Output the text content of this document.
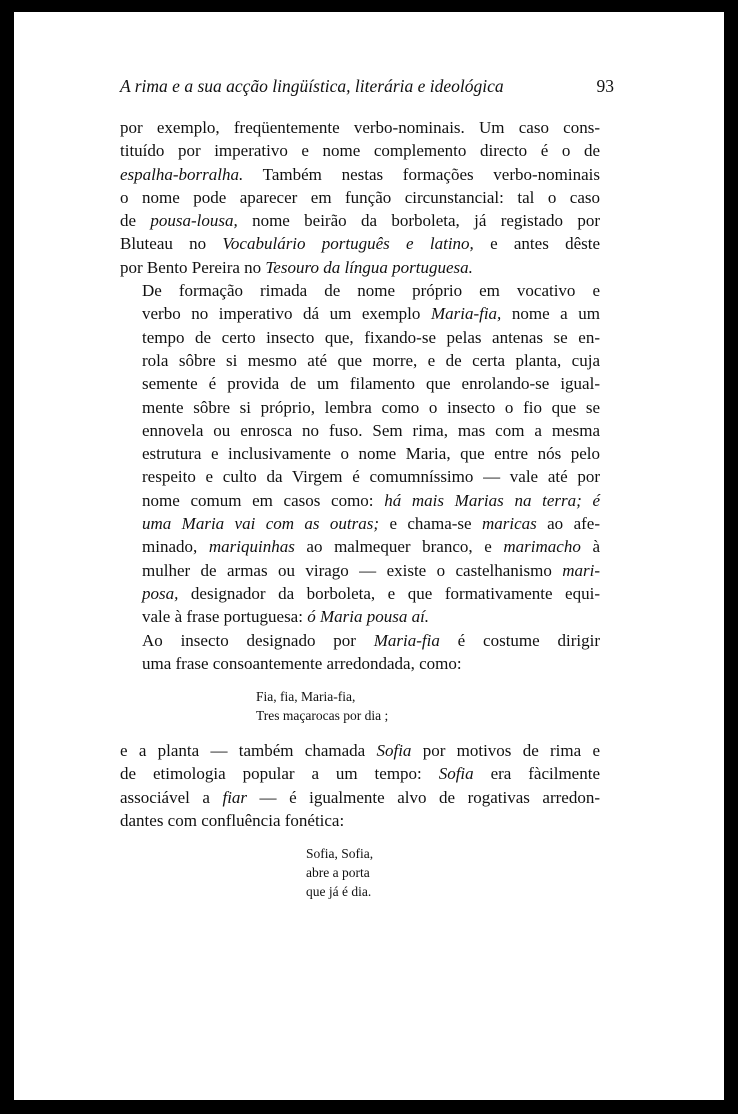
A rima e a sua acção lingüística, literária e ideológica	93

por exemplo, freqüentemente verbo-nominais. Um caso cons-
tituído por imperativo e nome complemento directo é o de
espalha-borralha. Também nestas formações verbo-nominais
o nome pode aparecer em função circunstancial: tal o caso
de pousa-lousa, nome beirão da borboleta, já registado por
Bluteau no Vocabulário português e latino, e antes dêste
por Bento Pereira no Tesouro da língua portuguesa.

De formação rimada de nome próprio em vocativo e
verbo no imperativo dá um exemplo Maria-fia, nome a um
tempo de certo insecto que, fixando-se pelas antenas se en-
rola sôbre si mesmo até que morre, e de certa planta, cuja
semente é provida de um filamento que enrolando-se igual-
mente sôbre si próprio, lembra como o insecto o fio que se
ennovela ou enrosca no fuso. Sem rima, mas com a mesma
estrutura e inclusivamente o nome Maria, que entre nós pelo
respeito e culto da Virgem é comumníssimo — vale até por
nome comum em casos como: há mais Marias na terra; é
uma Maria vai com as outras; e chama-se maricas ao afe-
minado, mariquinhas ao malmequer branco, e marimacho à
mulher de armas ou virago — existe o castelhanismo mari-
posa, designador da borboleta, e que formativamente equi-
vale à frase portuguesa: ó Maria pousa aí.

Ao insecto designado por Maria-fia é costume dirigir
uma frase consoantemente arredondada, como:

Fia, fia, Maria-fia,
Tres maçarocas por dia ;

e a planta — também chamada Sofia por motivos de rima e
de etimologia popular a um tempo: Sofia era fàcilmente
associável a fiar — é igualmente alvo de rogativas arredon-
dantes com confluência fonética:

Sofia, Sofia,
abre a porta
que já é dia.
